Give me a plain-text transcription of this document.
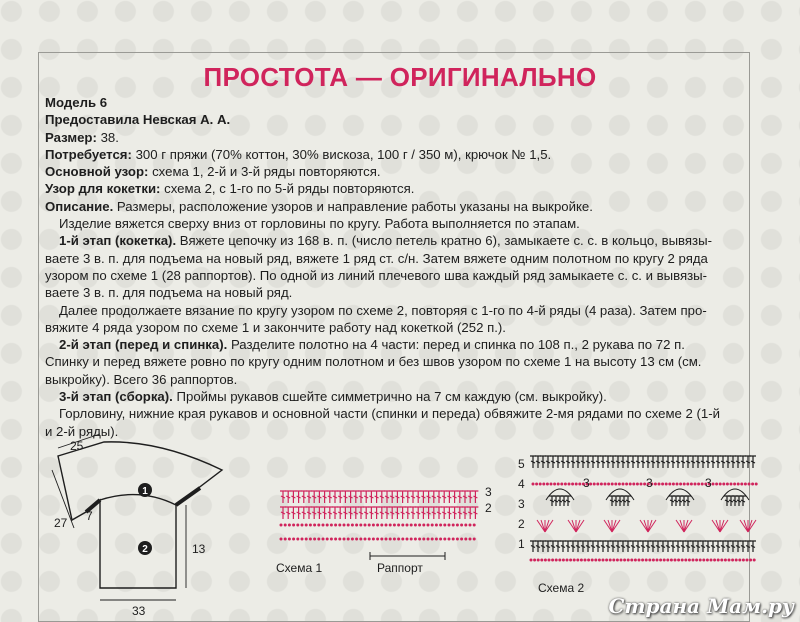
ПРОСТОТА — ОРИГИНАЛЬНО

Модель 6

Предоставила Невская А. А.

Размер: 38.

Потребуется: 300 г пряжи (70% коттон, 30% вискоза, 100 г / 350 м), крючок № 1,5.

Основной узор: схема 1, 2-й и 3-й ряды повторяются.

Узор для кокетки: схема 2, с 1-го по 5-й ряды повторяются.

Описание. Размеры, расположение узоров и направление работы указаны на выкройке.

Изделие вяжется сверху вниз от горловины по кругу. Работа выполняется по этапам.

1-й этап (кокетка). Вяжете цепочку из 168 в. п. (число петель кратно 6), замыкаете с. с. в кольцо, вывязы-

ваете 3 в. п. для подъема на новый ряд, вяжете 1 ряд ст. с/н. Затем вяжете одним полотном по кругу 2 ряда

узором по схеме 1 (28 раппортов). По одной из линий плечевого шва каждый ряд замыкаете с. с. и вывязы-

ваете 3 в. п. для подъема на новый ряд.

Далее продолжаете вязание по кругу узором по схеме 2, повторяя с 1-го по 4-й ряды (4 раза). Затем про-

вяжите 4 ряда узором по схеме 1 и закончите работу над кокеткой (252 п.).

2-й этап (перед и спинка). Разделите полотно на 4 части: перед и спинка по 108 п., 2 рукава по 72 п.

Спинку и перед вяжете ровно по кругу одним полотном и без швов узором по схеме 1 на высоту 13 см (см.

выкройку). Всего 36 раппортов.

3-й этап (сборка). Проймы рукавов сшейте симметрично на 7 см каждую (см. выкройку).

Горловину, нижние края рукавов и основной части (спинки и переда) обвяжите 2-мя рядами по схеме 2 (1-й

и 2-й ряды).

25
27 7
13
33
1
2
3
2
Раппорт
Схема 1
5
4
3
2
1
3	3	3
Схема 2
Страна Мам.ру
